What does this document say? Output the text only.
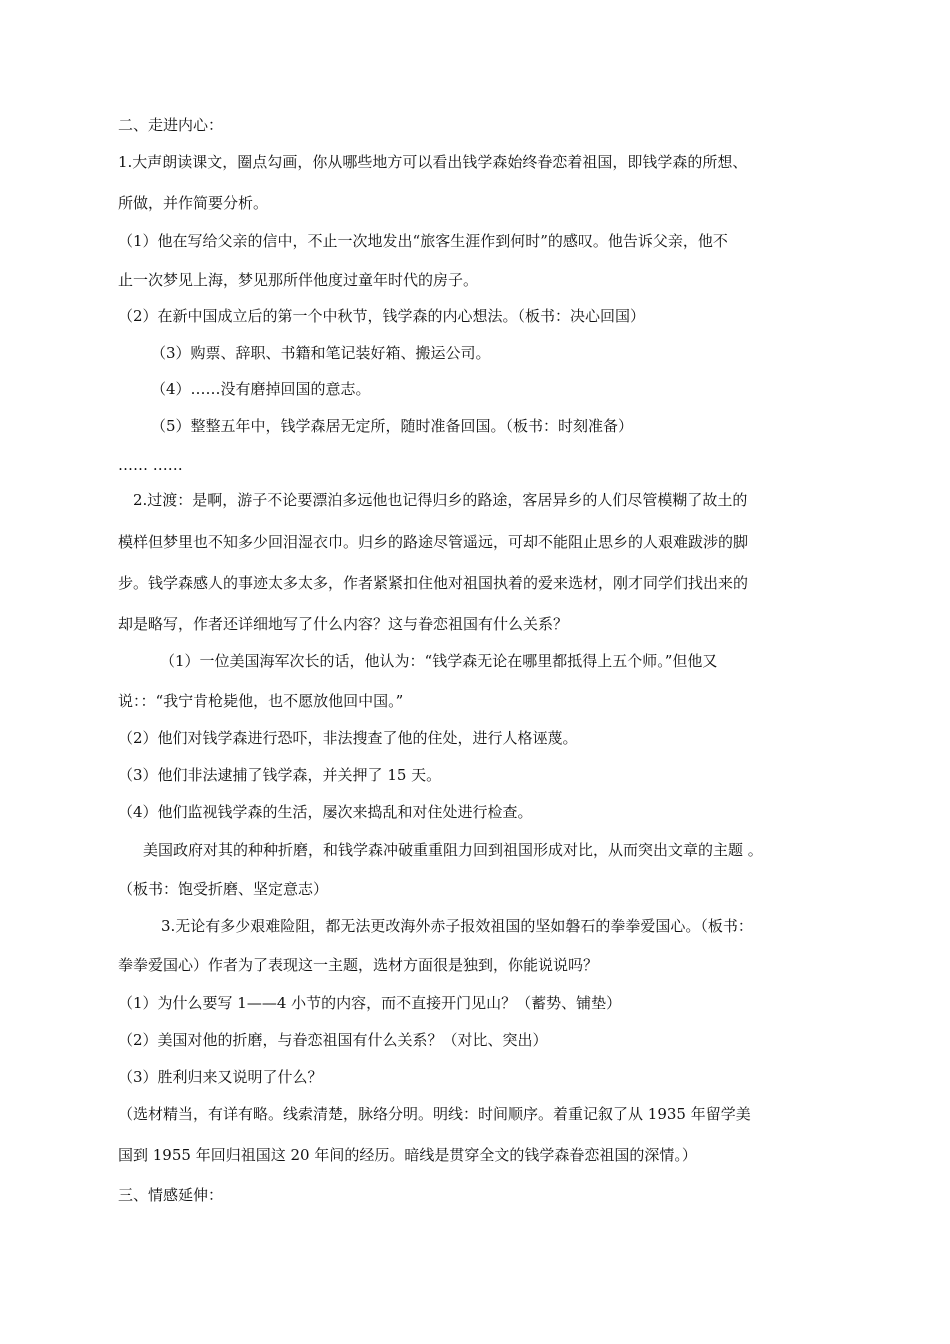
二、走进内心：
1.大声朗读课文，圈点勾画，你从哪些地方可以看出钱学森始终眷恋着祖国，即钱学森的所想、
所做，并作简要分析。
（1）他在写给父亲的信中，不止一次地发出“旅客生涯作到何时”的感叹。他告诉父亲，他不
止一次梦见上海，梦见那所伴他度过童年时代的房子。
（2）在新中国成立后的第一个中秋节，钱学森的内心想法。（板书：决心回国）
（3）购票、辞职、书籍和笔记装好箱、搬运公司。
（4）……没有磨掉回国的意志。
（5）整整五年中，钱学森居无定所，随时准备回国。（板书：时刻准备）
…… ……
2.过渡：是啊，游子不论要漂泊多远他也记得归乡的路途，客居异乡的人们尽管模糊了故土的
模样但梦里也不知多少回泪湿衣巾。归乡的路途尽管遥远，可却不能阻止思乡的人艰难跋涉的脚
步。钱学森感人的事迹太多太多，作者紧紧扣住他对祖国执着的爱来选材，刚才同学们找出来的
却是略写，作者还详细地写了什么内容？这与眷恋祖国有什么关系？
（1）一位美国海军次长的话，他认为：“钱学森无论在哪里都抵得上五个师。”但他又
说：：“我宁肯枪毙他，也不愿放他回中国。”
（2）他们对钱学森进行恐吓，非法搜查了他的住处，进行人格诬蔑。
（3）他们非法逮捕了钱学森，并关押了 15 天。
（4）他们监视钱学森的生活，屡次来捣乱和对住处进行检查。
美国政府对其的种种折磨，和钱学森冲破重重阻力回到祖国形成对比，从而突出文章的主题 。
（板书：饱受折磨、坚定意志）
3.无论有多少艰难险阻，都无法更改海外赤子报效祖国的坚如磐石的拳拳爱国心。（板书：
拳拳爱国心）作者为了表现这一主题，选材方面很是独到，你能说说吗？
（1）为什么要写 1——4 小节的内容，而不直接开门见山？（蓄势、铺垫）
（2）美国对他的折磨，与眷恋祖国有什么关系？（对比、突出）
（3）胜利归来又说明了什么？
（选材精当，有详有略。线索清楚，脉络分明。明线：时间顺序。着重记叙了从 1935 年留学美
国到 1955 年回归祖国这 20 年间的经历。暗线是贯穿全文的钱学森眷恋祖国的深情。）
三、情感延伸：
